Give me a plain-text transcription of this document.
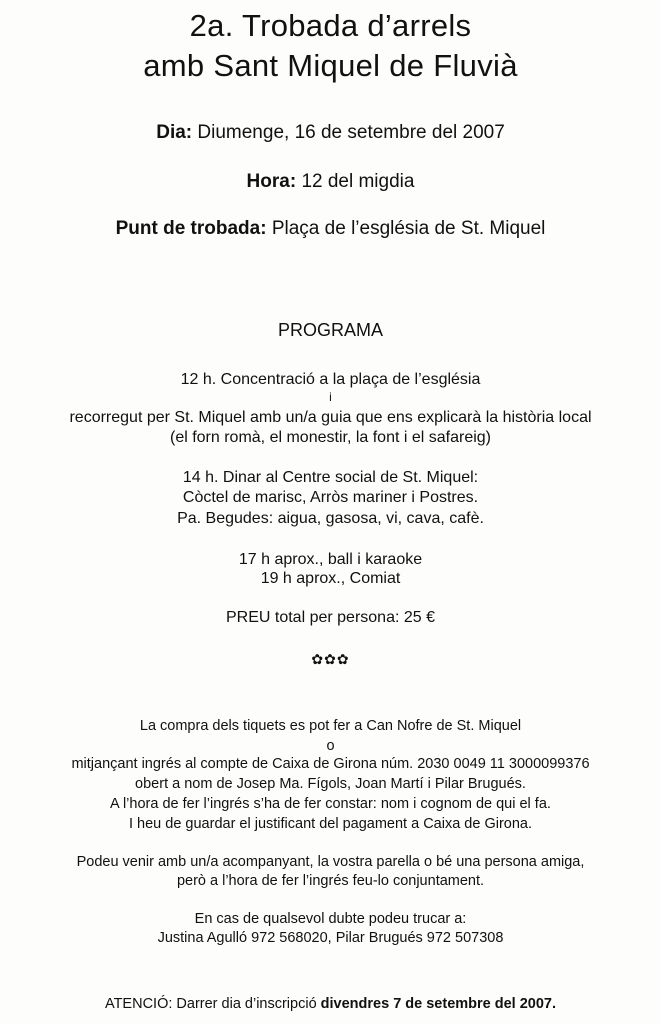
2a. Trobada d’arrels
amb Sant Miquel de Fluvià
Dia: Diumenge, 16 de setembre del 2007
Hora: 12 del migdia
Punt de trobada: Plaça de l’església de St. Miquel
PROGRAMA
12 h. Concentració a la plaça de l’església
i
recorregut per St. Miquel amb un/a guia que ens explicarà la història local
(el forn romà, el monestir, la font i el safareig)
14 h. Dinar al Centre social de St. Miquel:
Còctel de marisc, Arròs mariner i Postres.
Pa. Begudes: aigua, gasosa, vi, cava, cafè.
17 h aprox., ball i karaoke
19 h aprox., Comiat
PREU total per persona: 25 €
✿✿✿
La compra dels tiquets es pot fer a Can Nofre de St. Miquel
o
mitjançant ingrés al compte de Caixa de Girona núm. 2030 0049 11 3000099376
obert a nom de Josep Ma. Fígols, Joan Martí i Pilar Brugués.
A l’hora de fer l’ingrés s’ha de fer constar: nom i cognom de qui el fa.
I heu de guardar el justificant del pagament a Caixa de Girona.
Podeu venir amb un/a acompanyant, la vostra parella o bé una persona amiga,
però a l’hora de fer l’ingrés feu-lo conjuntament.
En cas de qualsevol dubte podeu trucar a:
Justina Agulló 972 568020, Pilar Brugués 972 507308
ATENCIÓ: Darrer dia d’inscripció divendres 7 de setembre del 2007.
